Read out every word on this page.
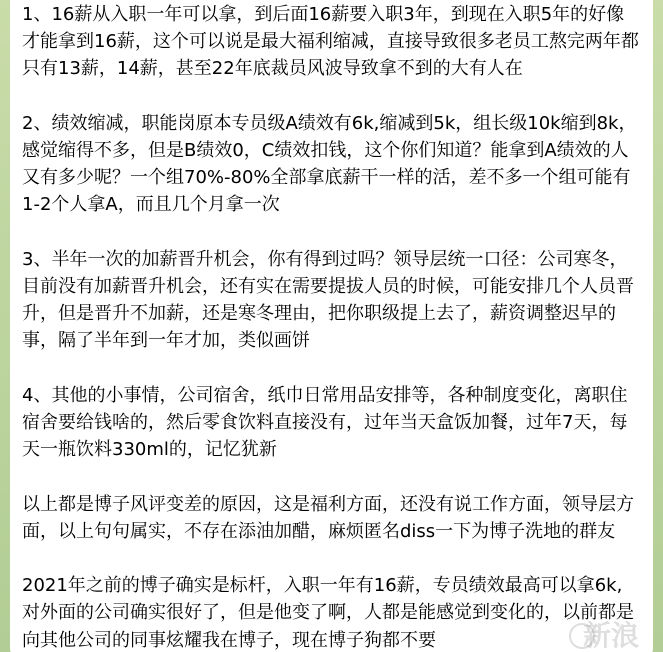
1、16薪从入职一年可以拿，到后面16薪要入职3年，到现在入职5年的好像才能拿到16薪，这个可以说是最大福利缩减，直接导致很多老员工熬完两年都只有13薪，14薪，甚至22年底裁员风波导致拿不到的大有人在

2、绩效缩减，职能岗原本专员级A绩效有6k,缩减到5k，组长级10k缩到8k，感觉缩得不多，但是B绩效0，C绩效扣钱，这个你们知道？能拿到A绩效的人又有多少呢？一个组70%-80%全部拿底薪干一样的活，差不多一个组可能有1-2个人拿A，而且几个月拿一次

3、半年一次的加薪晋升机会，你有得到过吗？领导层统一口径：公司寒冬，目前没有加薪晋升机会，还有实在需要提拔人员的时候，可能安排几个人员晋升，但是晋升不加薪，还是寒冬理由，把你职级提上去了，薪资调整迟早的事，隔了半年到一年才加，类似画饼

4、其他的小事情，公司宿舍，纸巾日常用品安排等，各种制度变化，离职住宿舍要给钱啥的，然后零食饮料直接没有，过年当天盒饭加餐，过年7天，每天一瓶饮料330ml的，记忆犹新

以上都是博子风评变差的原因，这是福利方面，还没有说工作方面，领导层方面，以上句句属实，不存在添油加醋，麻烦匿名diss一下为博子洗地的群友

2021年之前的博子确实是标杆，入职一年有16薪，专员绩效最高可以拿6k,对外面的公司确实很好了，但是他变了啊，人都是能感觉到变化的，以前都是向其他公司的同事炫耀我在博子，现在博子狗都不要	新浪
